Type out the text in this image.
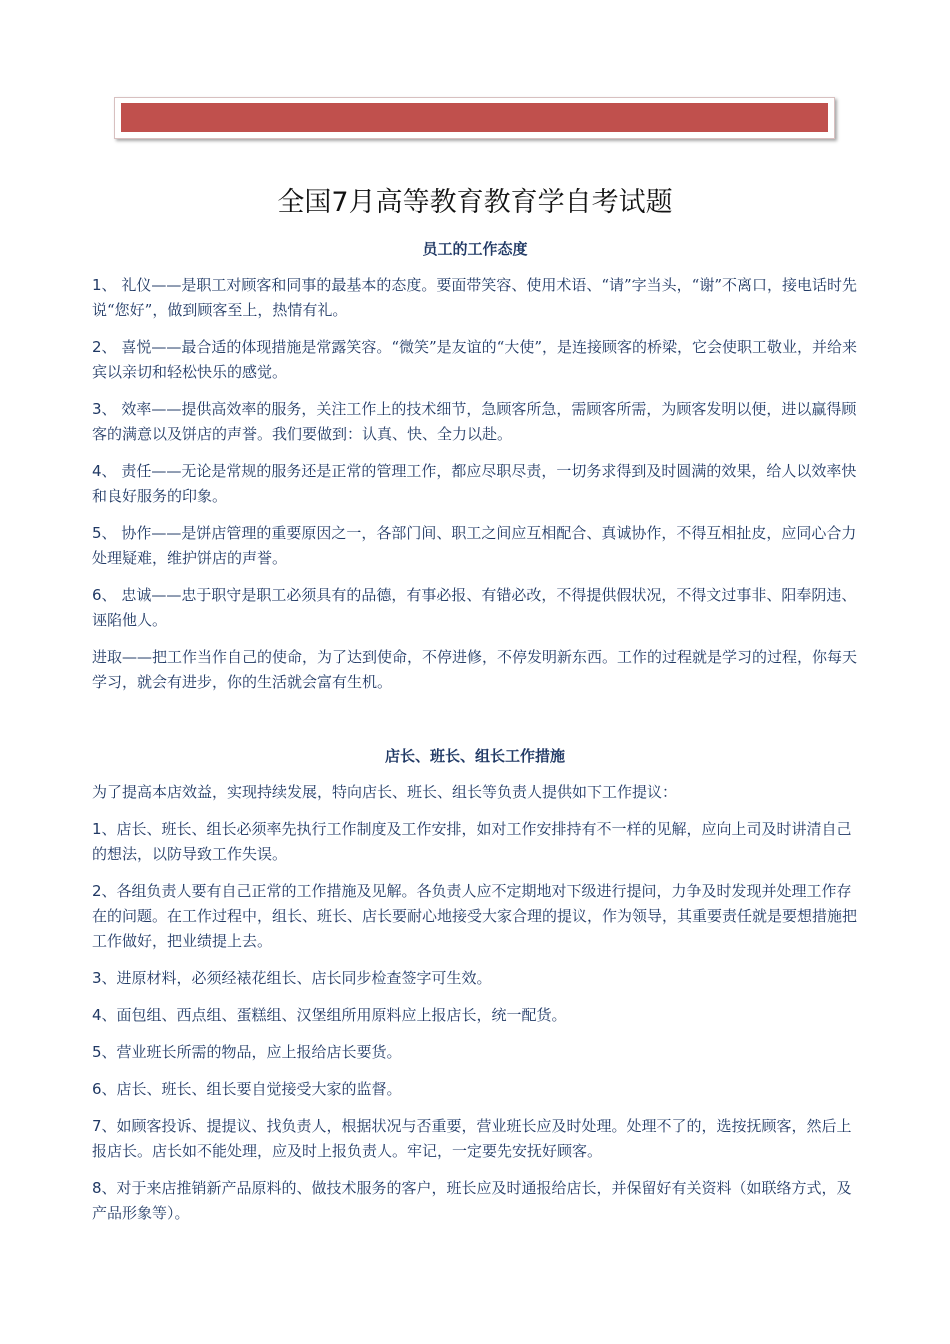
全国7月高等教育教育学自考试题
员工的工作态度

1、 礼仪——是职工对顾客和同事的最基本的态度。要面带笑容、使用术语、“请”字当头，“谢”不离口，接电话时先说“您好”，做到顾客至上，热情有礼。

2、 喜悦——最合适的体现措施是常露笑容。“微笑”是友谊的“大使”，是连接顾客的桥梁，它会使职工敬业，并给来宾以亲切和轻松快乐的感觉。

3、 效率——提供高效率的服务，关注工作上的技术细节，急顾客所急，需顾客所需，为顾客发明以便，进以赢得顾客的满意以及饼店的声誉。我们要做到：认真、快、全力以赴。

4、 责任——无论是常规的服务还是正常的管理工作，都应尽职尽责，一切务求得到及时圆满的效果，给人以效率快和良好服务的印象。

5、 协作——是饼店管理的重要原因之一，各部门间、职工之间应互相配合、真诚协作，不得互相扯皮，应同心合力处理疑难，维护饼店的声誉。

6、 忠诚——忠于职守是职工必须具有的品德，有事必报、有错必改，不得提供假状况，不得文过事非、阳奉阴违、诬陷他人。

进取——把工作当作自己的使命，为了达到使命，不停进修，不停发明新东西。工作的过程就是学习的过程，你每天学习，就会有进步，你的生活就会富有生机。

店长、班长、组长工作措施

为了提高本店效益，实现持续发展，特向店长、班长、组长等负责人提供如下工作提议：

1、店长、班长、组长必须率先执行工作制度及工作安排，如对工作安排持有不一样的见解，应向上司及时讲清自己的想法，以防导致工作失误。

2、各组负责人要有自己正常的工作措施及见解。各负责人应不定期地对下级进行提问，力争及时发现并处理工作存在的问题。在工作过程中，组长、班长、店长要耐心地接受大家合理的提议，作为领导，其重要责任就是要想措施把工作做好，把业绩提上去。

3、进原材料，必须经裱花组长、店长同步检查签字可生效。

4、面包组、西点组、蛋糕组、汉堡组所用原料应上报店长，统一配货。

5、营业班长所需的物品，应上报给店长要货。

6、店长、班长、组长要自觉接受大家的监督。

7、如顾客投诉、提提议、找负责人，根据状况与否重要，营业班长应及时处理。处理不了的，选按抚顾客，然后上报店长。店长如不能处理，应及时上报负责人。牢记，一定要先安抚好顾客。

8、对于来店推销新产品原料的、做技术服务的客户，班长应及时通报给店长，并保留好有关资料（如联络方式，及产品形象等）。
